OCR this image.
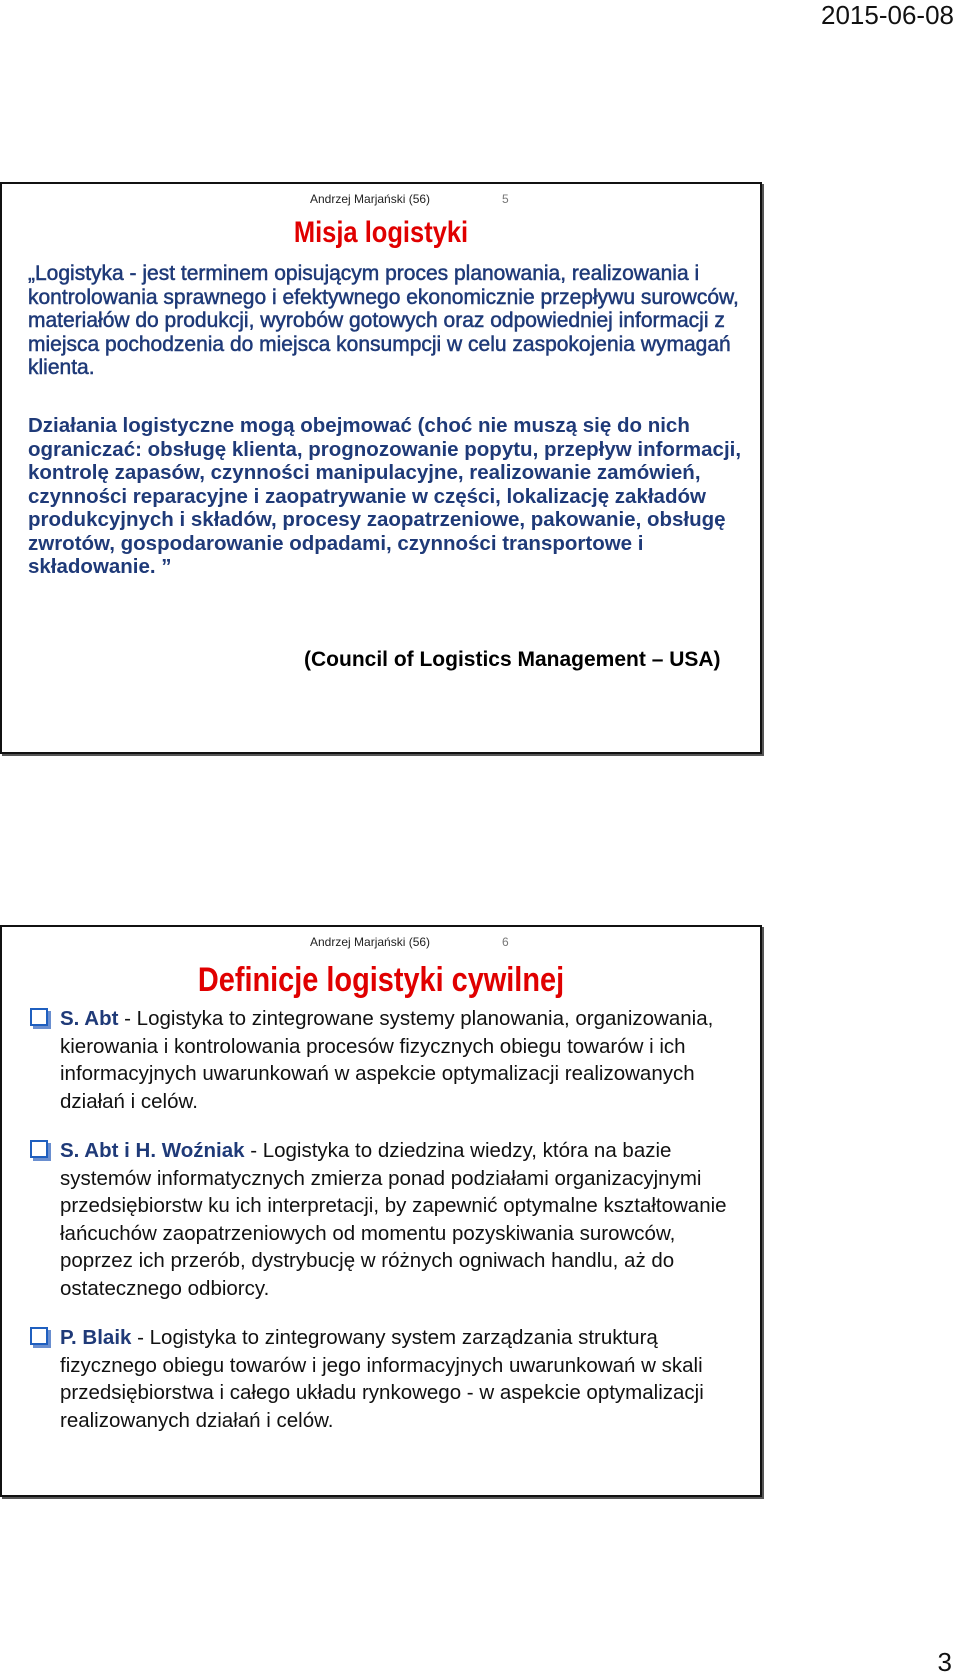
2015-06-08
Andrzej Marjański (56)	5
Misja logistyki
„Logistyka - jest terminem opisującym proces planowania, realizowania i kontrolowania sprawnego i efektywnego ekonomicznie przepływu surowców, materiałów do produkcji, wyrobów gotowych oraz odpowiedniej informacji z miejsca pochodzenia do miejsca konsumpcji w celu zaspokojenia wymagań klienta.
Działania logistyczne mogą obejmować (choć nie muszą się do nich ograniczać: obsługę klienta, prognozowanie popytu, przepływ informacji, kontrolę zapasów, czynności manipulacyjne, realizowanie zamówień, czynności reparacyjne i zaopatrywanie w części, lokalizację zakładów produkcyjnych i składów, procesy zaopatrzeniowe, pakowanie, obsługę zwrotów, gospodarowanie odpadami, czynności transportowe i składowanie. ”
(Council of Logistics Management – USA)
Andrzej Marjański (56)	6
Definicje logistyki cywilnej
S. Abt - Logistyka to zintegrowane systemy planowania, organizowania, kierowania i kontrolowania procesów fizycznych obiegu towarów i ich informacyjnych uwarunkowań w aspekcie optymalizacji realizowanych działań i celów.
S. Abt i H. Woźniak - Logistyka to dziedzina wiedzy, która na bazie systemów informatycznych zmierza ponad podziałami organizacyjnymi przedsiębiorstw ku ich interpretacji, by zapewnić optymalne kształtowanie łańcuchów zaopatrzeniowych od momentu pozyskiwania surowców, poprzez ich przerób, dystrybucję w różnych ogniwach handlu, aż do ostatecznego odbiorcy.
P. Blaik - Logistyka to zintegrowany system zarządzania strukturą fizycznego obiegu towarów i jego informacyjnych uwarunkowań w skali przedsiębiorstwa i całego układu rynkowego - w aspekcie optymalizacji realizowanych działań i celów.
3
